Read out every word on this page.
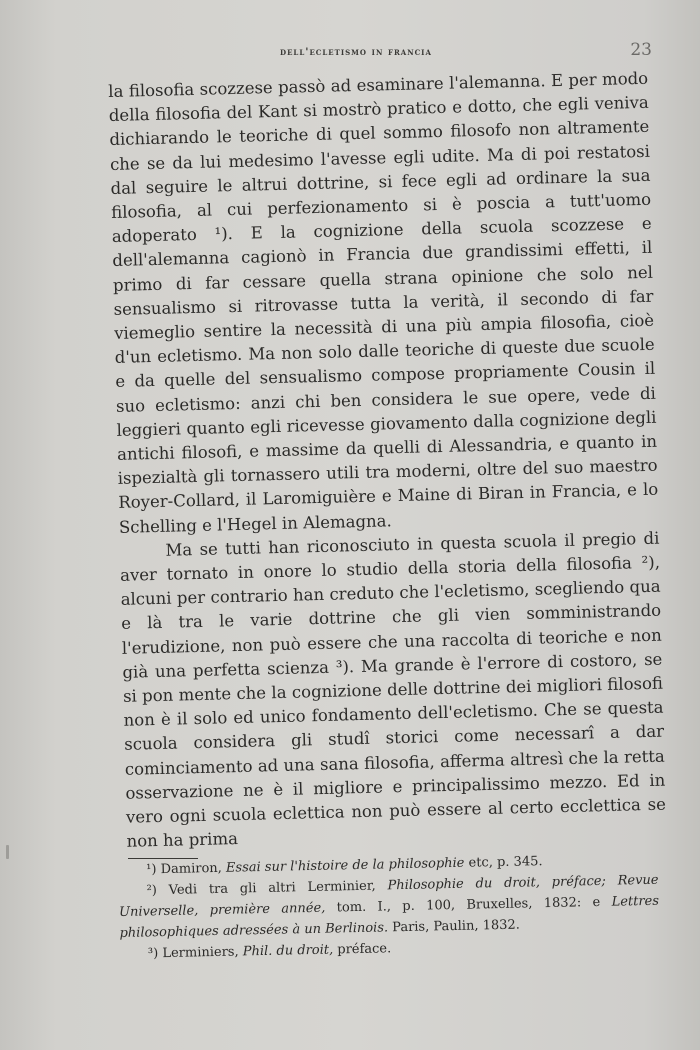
dell'ecletismo in francia	23

la filosofia scozzese passò ad esaminare l'alemanna. E per modo della filosofia del Kant si mostrò pratico e dotto, che egli veniva dichiarando le teoriche di quel sommo filosofo non altramente che se da lui medesimo l'avesse egli udite. Ma di poi restatosi dal seguire le altrui dottrine, si fece egli ad ordinare la sua filosofia, al cui perfezionamento si è poscia a tutt'uomo adoperato ¹). E la cognizione della scuola scozzese e dell'alemanna cagionò in Francia due grandissimi effetti, il primo di far cessare quella strana opinione che solo nel sensualismo si ritrovasse tutta la verità, il secondo di far viemeglio sentire la necessità di una più ampia filosofia, cioè d'un ecletismo. Ma non solo dalle teoriche di queste due scuole e da quelle del sensualismo compose propriamente Cousin il suo ecletismo: anzi chi ben considera le sue opere, vede di leggieri quanto egli ricevesse giovamento dalla cognizione degli antichi filosofi, e massime da quelli di Alessandria, e quanto in ispezialtà gli tornassero utili tra moderni, oltre del suo maestro Royer-Collard, il Laromiguière e Maine di Biran in Francia, e lo Schelling e l'Hegel in Alemagna.

Ma se tutti han riconosciuto in questa scuola il pregio di aver tornato in onore lo studio della storia della filosofia ²), alcuni per contrario han creduto che l'ecletismo, scegliendo qua e là tra le varie dottrine che gli vien somministrando l'erudizione, non può essere che una raccolta di teoriche e non già una perfetta scienza ³). Ma grande è l'errore di costoro, se si pon mente che la cognizione delle dottrine dei migliori filosofi non è il solo ed unico fondamento dell'ecletismo. Che se questa scuola considera gli studî storici come necessarî a dar cominciamento ad una sana filosofia, afferma altresì che la retta osservazione ne è il migliore e principalissimo mezzo. Ed in vero ogni scuola eclettica non può essere al certo ecclettica se non ha prima

¹) Damiron, Essai sur l'histoire de la philosophie etc, p. 345.

²) Vedi tra gli altri Lerminier, Philosophie du droit, préface; Revue Universelle, première année, tom. I., p. 100, Bruxelles, 1832: e Lettres philosophiques adressées à un Berlinois. Paris, Paulin, 1832.

³) Lerminiers, Phil. du droit, préface.
